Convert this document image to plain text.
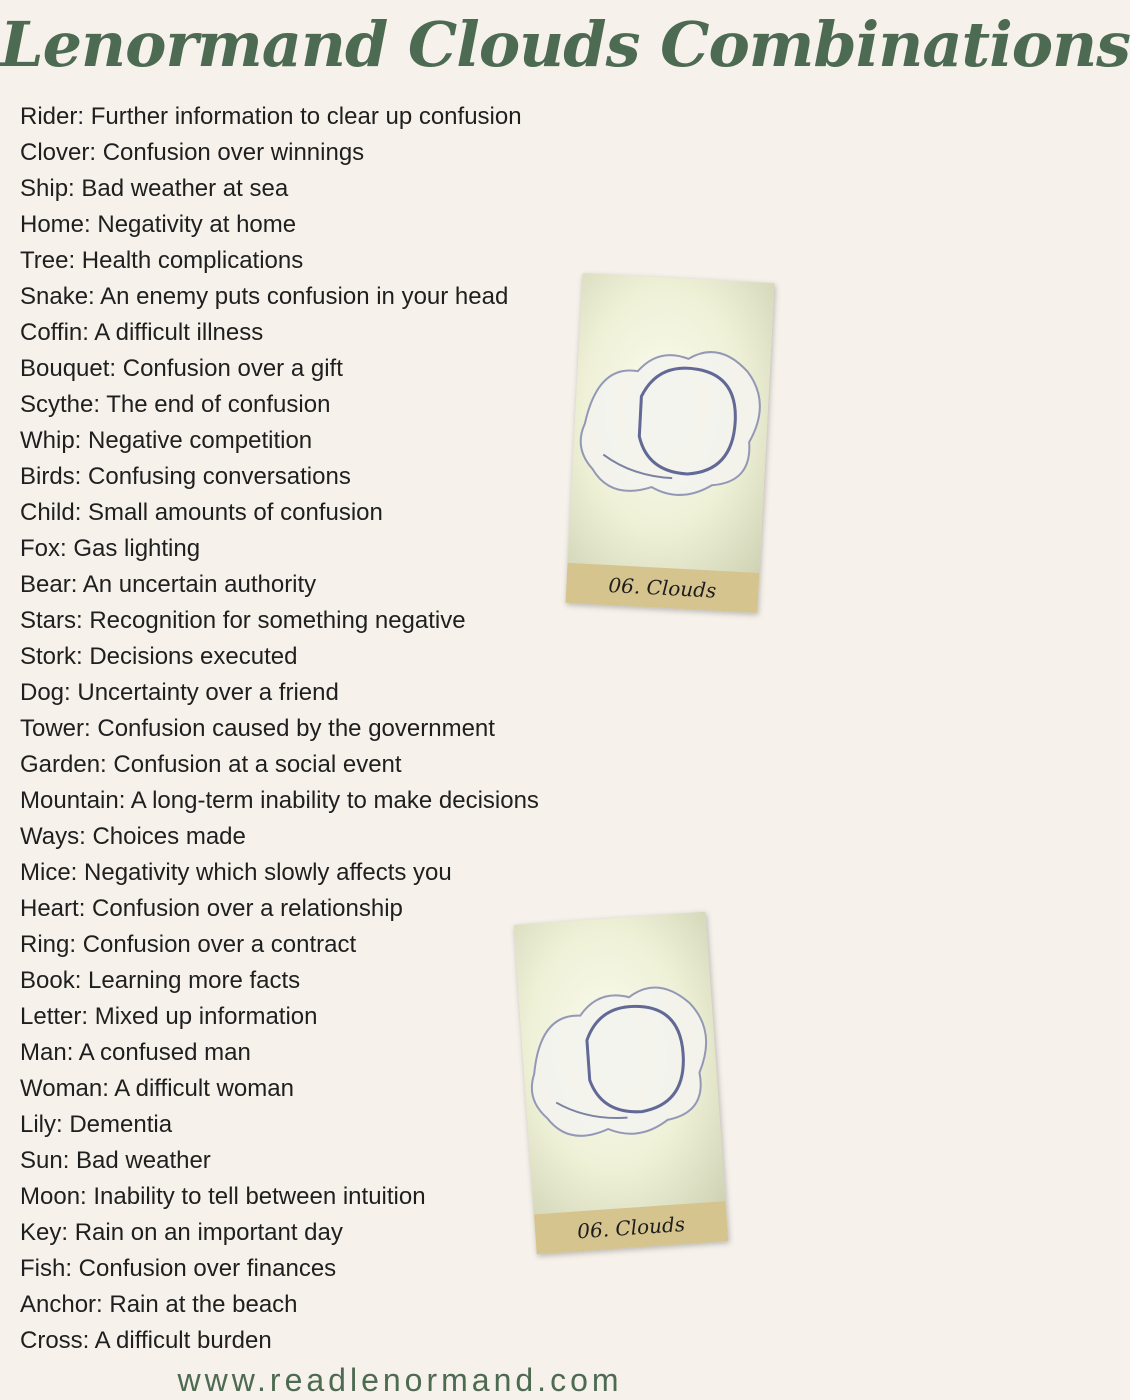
Lenormand Clouds Combinations
Rider: Further information to clear up confusion
Clover: Confusion over winnings
Ship: Bad weather at sea
Home: Negativity at home
Tree: Health complications
Snake: An enemy puts confusion in your head
Coffin: A difficult illness
Bouquet: Confusion over a gift
Scythe: The end of confusion
Whip: Negative competition
Birds: Confusing conversations
Child: Small amounts of confusion
Fox: Gas lighting
Bear: An uncertain authority
Stars: Recognition for something negative
Stork: Decisions executed
Dog: Uncertainty over a friend
Tower: Confusion caused by the government
Garden: Confusion at a social event
Mountain: A long-term inability to make decisions
Ways: Choices made
Mice: Negativity which slowly affects you
Heart: Confusion over a relationship
Ring: Confusion over a contract
Book: Learning more facts
Letter: Mixed up information
Man: A confused man
Woman: A difficult woman
Lily: Dementia
Sun: Bad weather
Moon: Inability to tell between intuition
Key: Rain on an important day
Fish: Confusion over finances
Anchor: Rain at the beach
Cross: A difficult burden
06. Clouds
06. Clouds
www.readlenormand.com
